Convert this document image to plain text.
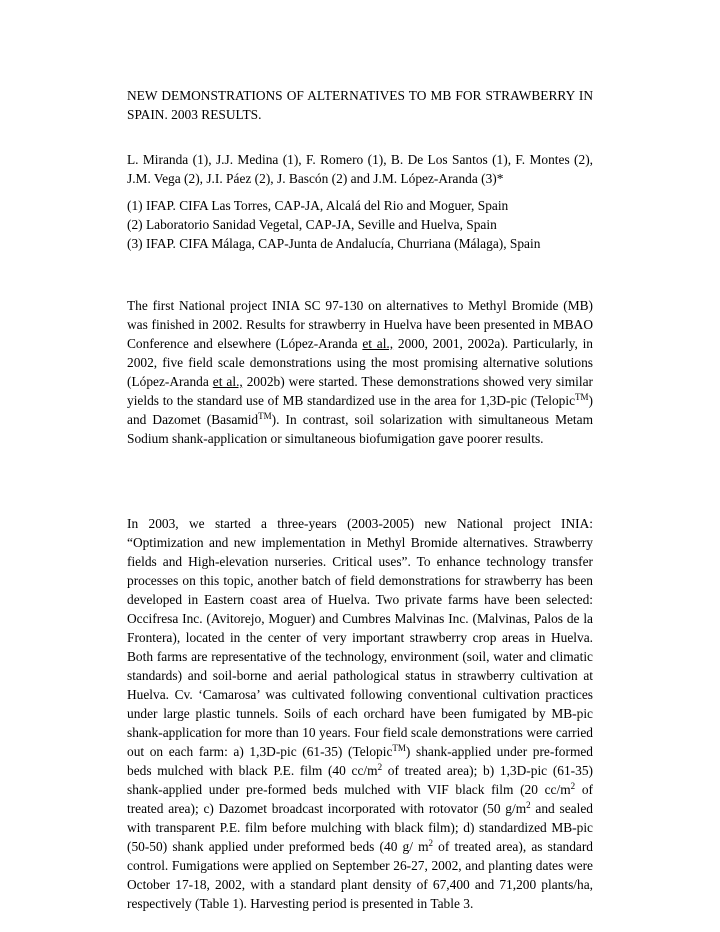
NEW DEMONSTRATIONS OF ALTERNATIVES TO MB FOR STRAWBERRY IN SPAIN. 2003 RESULTS.
L. Miranda (1), J.J. Medina (1), F. Romero (1), B. De Los Santos (1), F. Montes (2), J.M. Vega (2), J.I. Páez (2), J. Bascón (2) and J.M. López-Aranda (3)*
(1) IFAP. CIFA Las Torres, CAP-JA, Alcalá del Rio and Moguer, Spain
(2) Laboratorio Sanidad Vegetal, CAP-JA, Seville and Huelva, Spain
(3) IFAP. CIFA Málaga, CAP-Junta de Andalucía, Churriana (Málaga), Spain
The first National project INIA SC 97-130 on alternatives to Methyl Bromide (MB) was finished in 2002. Results for strawberry in Huelva have been presented in MBAO Conference and elsewhere (López-Aranda et al., 2000, 2001, 2002a). Particularly, in 2002, five field scale demonstrations using the most promising alternative solutions (López-Aranda et al., 2002b) were started. These demonstrations showed very similar yields to the standard use of MB standardized use in the area for 1,3D-pic (Telopic™) and Dazomet (Basamid™). In contrast, soil solarization with simultaneous Metam Sodium shank-application or simultaneous biofumigation gave poorer results.
In 2003, we started a three-years (2003-2005) new National project INIA: “Optimization and new implementation in Methyl Bromide alternatives. Strawberry fields and High-elevation nurseries. Critical uses”. To enhance technology transfer processes on this topic, another batch of field demonstrations for strawberry has been developed in Eastern coast area of Huelva. Two private farms have been selected: Occifresa Inc. (Avitorejo, Moguer) and Cumbres Malvinas Inc. (Malvinas, Palos de la Frontera), located in the center of very important strawberry crop areas in Huelva. Both farms are representative of the technology, environment (soil, water and climatic standards) and soil-borne and aerial pathological status in strawberry cultivation at Huelva. Cv. ‘Camarosa’ was cultivated following conventional cultivation practices under large plastic tunnels. Soils of each orchard have been fumigated by MB-pic shank-application for more than 10 years. Four field scale demonstrations were carried out on each farm: a) 1,3D-pic (61-35) (Telopic™) shank-applied under pre-formed beds mulched with black P.E. film (40 $cc/m^2$ of treated area); b) 1,3D-pic (61-35) shank-applied under pre-formed beds mulched with VIF black film (20 $cc/m^2$ of treated area); c) Dazomet broadcast incorporated with rotovator (50 $g/m^2$ and sealed with transparent P.E. film before mulching with black film); d) standardized MB-pic (50-50) shank applied under preformed beds (40 g/ $m^2$ of treated area), as standard control. Fumigations were applied on September 26-27, 2002, and planting dates were October 17-18, 2002, with a standard plant density of 67,400 and 71,200 plants/ha, respectively (Table 1). Harvesting period is presented in Table 3.
